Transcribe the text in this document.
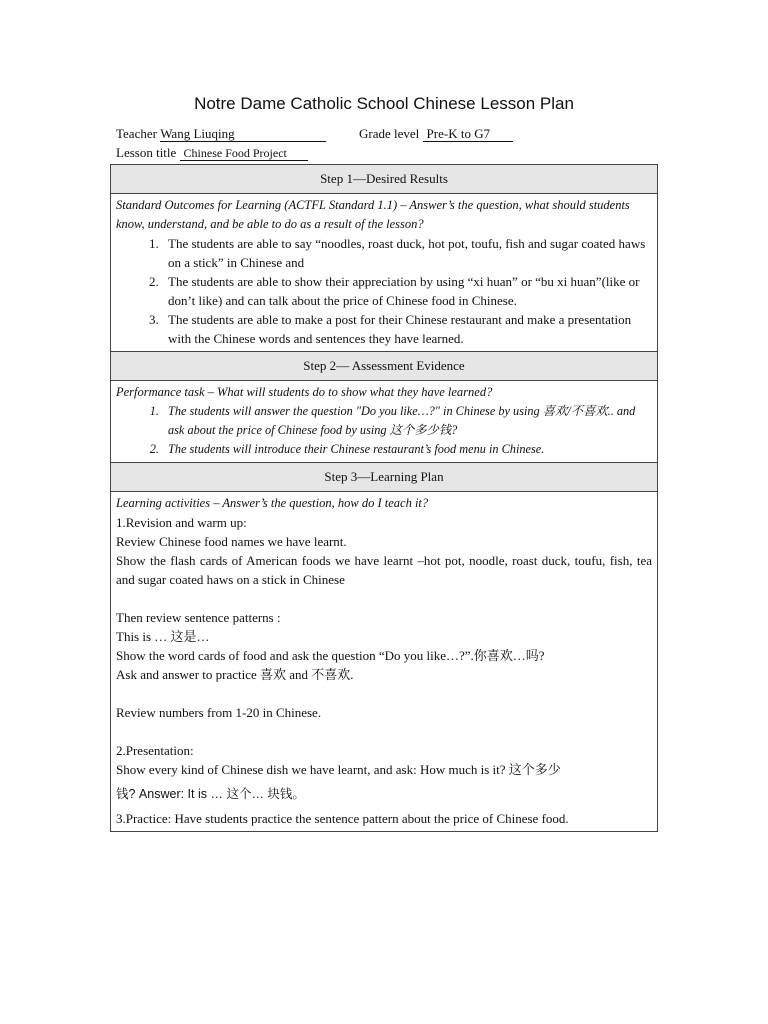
Notre Dame Catholic School Chinese Lesson Plan
Teacher Wang Liuqing	Grade level Pre-K to G7
Lesson title Chinese Food Project
Step 1—Desired Results
Standard Outcomes for Learning (ACTFL Standard 1.1) – Answer’s the question, what should students know, understand, and be able to do as a result of the lesson?
1. The students are able to say “noodles, roast duck, hot pot, toufu, fish and sugar coated haws on a stick” in Chinese and
2. The students are able to show their appreciation by using “xi huan” or “bu xi huan”(like or don’t like) and can talk about the price of Chinese food in Chinese.
3. The students are able to make a post for their Chinese restaurant and make a presentation with the Chinese words and sentences they have learned.
Step 2— Assessment Evidence
Performance task – What will students do to show what they have learned?
1. The students will answer the question "Do you like…?" in Chinese by using 喜欢/不喜欢.. and ask about the price of Chinese food by using 这个多少钱?
2. The students will introduce their Chinese restaurant’s food menu in Chinese.
Step 3—Learning Plan
Learning activities – Answer’s the question, how do I teach it?

1.Revision and warm up:

Review Chinese food names we have learnt.

Show the flash cards of American foods we have learnt –hot pot, noodle, roast duck, toufu, fish, tea and sugar coated haws on a stick in Chinese

Then review sentence patterns :

This is … 这是…

Show the word cards of food and ask the question “Do you like…?”.你喜欢…吗?

Ask and answer to practice 喜欢 and 不喜欢.

Review numbers from 1-20 in Chinese.

2.Presentation:

Show every kind of Chinese dish we have learnt, and ask: How much is it? 这个多少

钱? Answer: It is … 这个… 块钱。

3.Practice: Have students practice the sentence pattern about the price of Chinese food.
